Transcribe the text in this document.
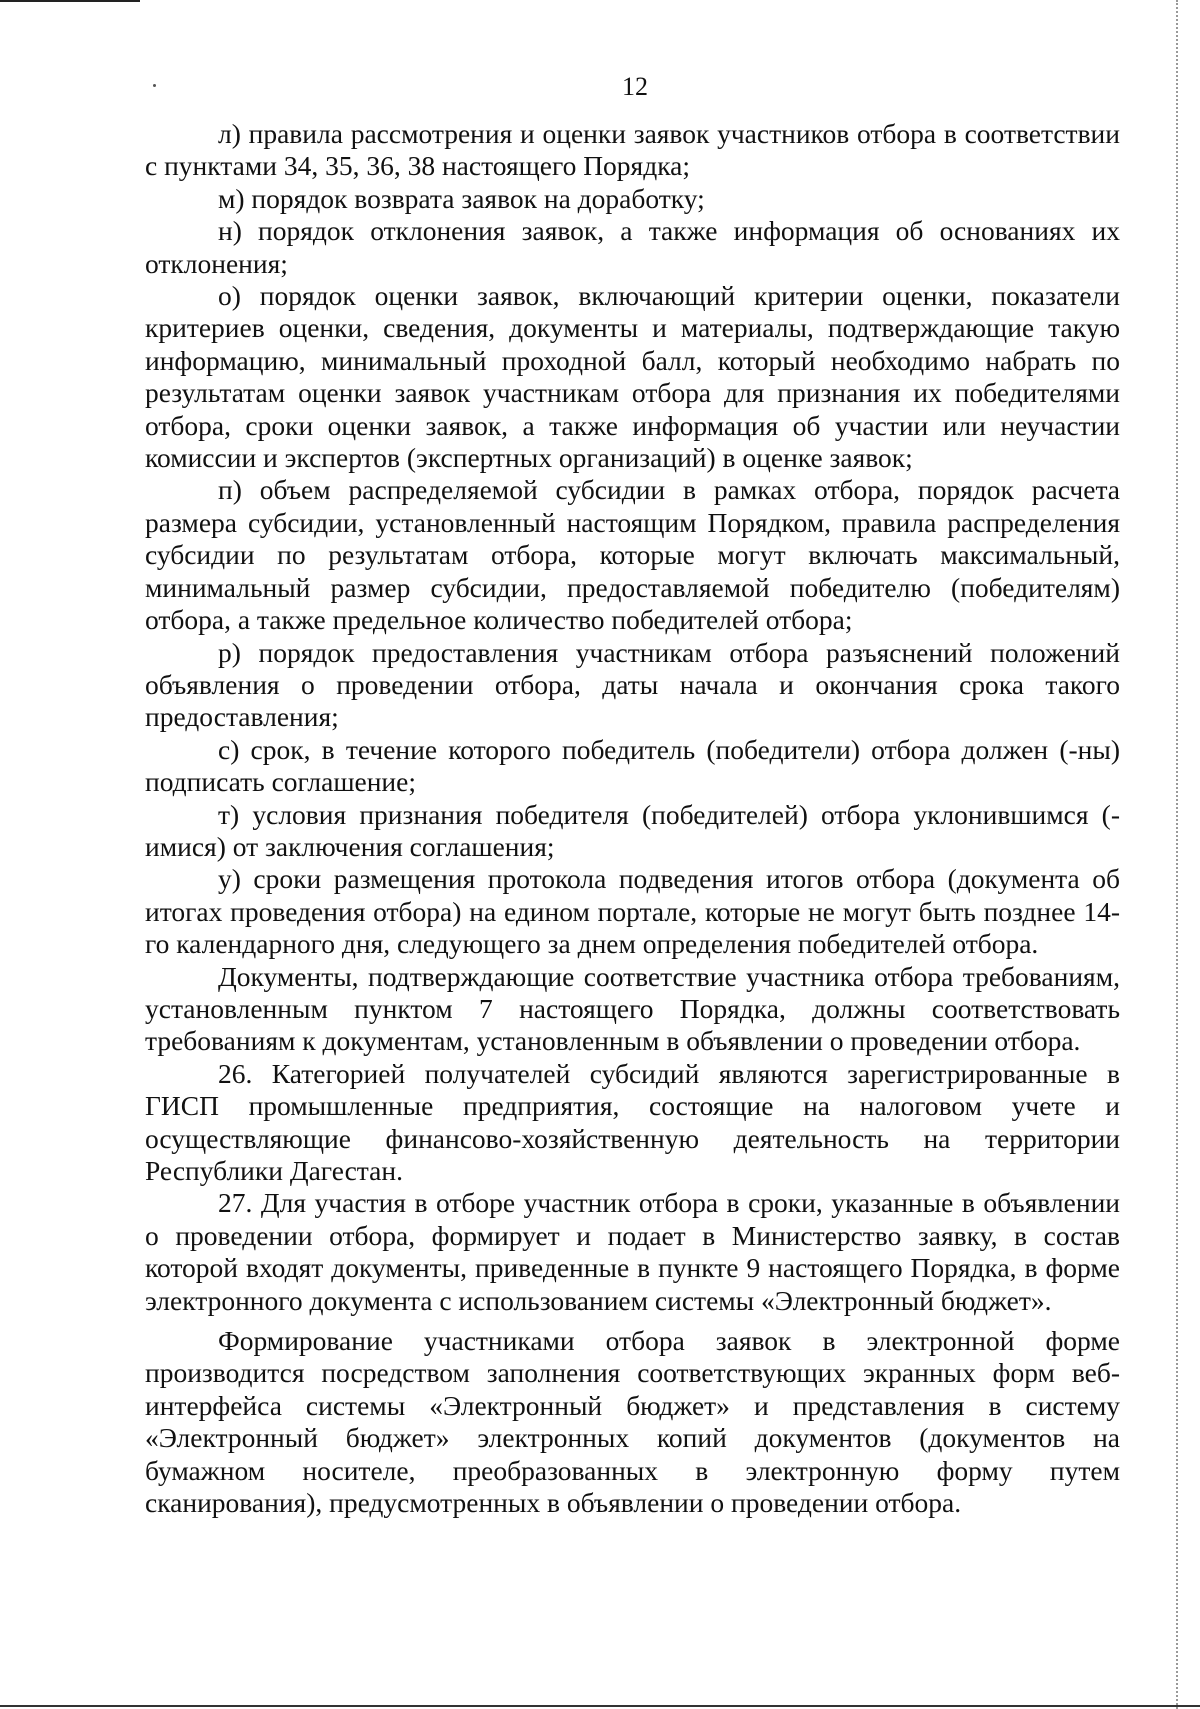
12

л) правила рассмотрения и оценки заявок участников отбора в соответствии с пунктами 34, 35, 36, 38 настоящего Порядка;

м) порядок возврата заявок на доработку;

н) порядок отклонения заявок, а также информация об основаниях их отклонения;

о) порядок оценки заявок, включающий критерии оценки, показатели критериев оценки, сведения, документы и материалы, подтверждающие такую информацию, минимальный проходной балл, который необходимо набрать по результатам оценки заявок участникам отбора для признания их победителями отбора, сроки оценки заявок, а также информация об участии или неучастии комиссии и экспертов (экспертных организаций) в оценке заявок;

п) объем распределяемой субсидии в рамках отбора, порядок расчета размера субсидии, установленный настоящим Порядком, правила распределения субсидии по результатам отбора, которые могут включать максимальный, минимальный размер субсидии, предоставляемой победителю (победителям) отбора, а также предельное количество победителей отбора;

р) порядок предоставления участникам отбора разъяснений положений объявления о проведении отбора, даты начала и окончания срока такого предоставления;

с) срок, в течение которого победитель (победители) отбора должен (-ны) подписать соглашение;

т) условия признания победителя (победителей) отбора уклонившимся (-имися) от заключения соглашения;

у) сроки размещения протокола подведения итогов отбора (документа об итогах проведения отбора) на едином портале, которые не могут быть позднее 14-го календарного дня, следующего за днем определения победителей отбора.

Документы, подтверждающие соответствие участника отбора требованиям, установленным пунктом 7 настоящего Порядка, должны соответствовать требованиям к документам, установленным в объявлении о проведении отбора.

26. Категорией получателей субсидий являются зарегистрированные в ГИСП промышленные предприятия, состоящие на налоговом учете и осуществляющие финансово-хозяйственную деятельность на территории Республики Дагестан.

27. Для участия в отборе участник отбора в сроки, указанные в объявлении о проведении отбора, формирует и подает в Министерство заявку, в состав которой входят документы, приведенные в пункте 9 настоящего Порядка, в форме электронного документа с использованием системы «Электронный бюджет».

Формирование участниками отбора заявок в электронной форме производится посредством заполнения соответствующих экранных форм веб-интерфейса системы «Электронный бюджет» и представления в систему «Электронный бюджет» электронных копий документов (документов на бумажном носителе, преобразованных в электронную форму путем сканирования), предусмотренных в объявлении о проведении отбора.
